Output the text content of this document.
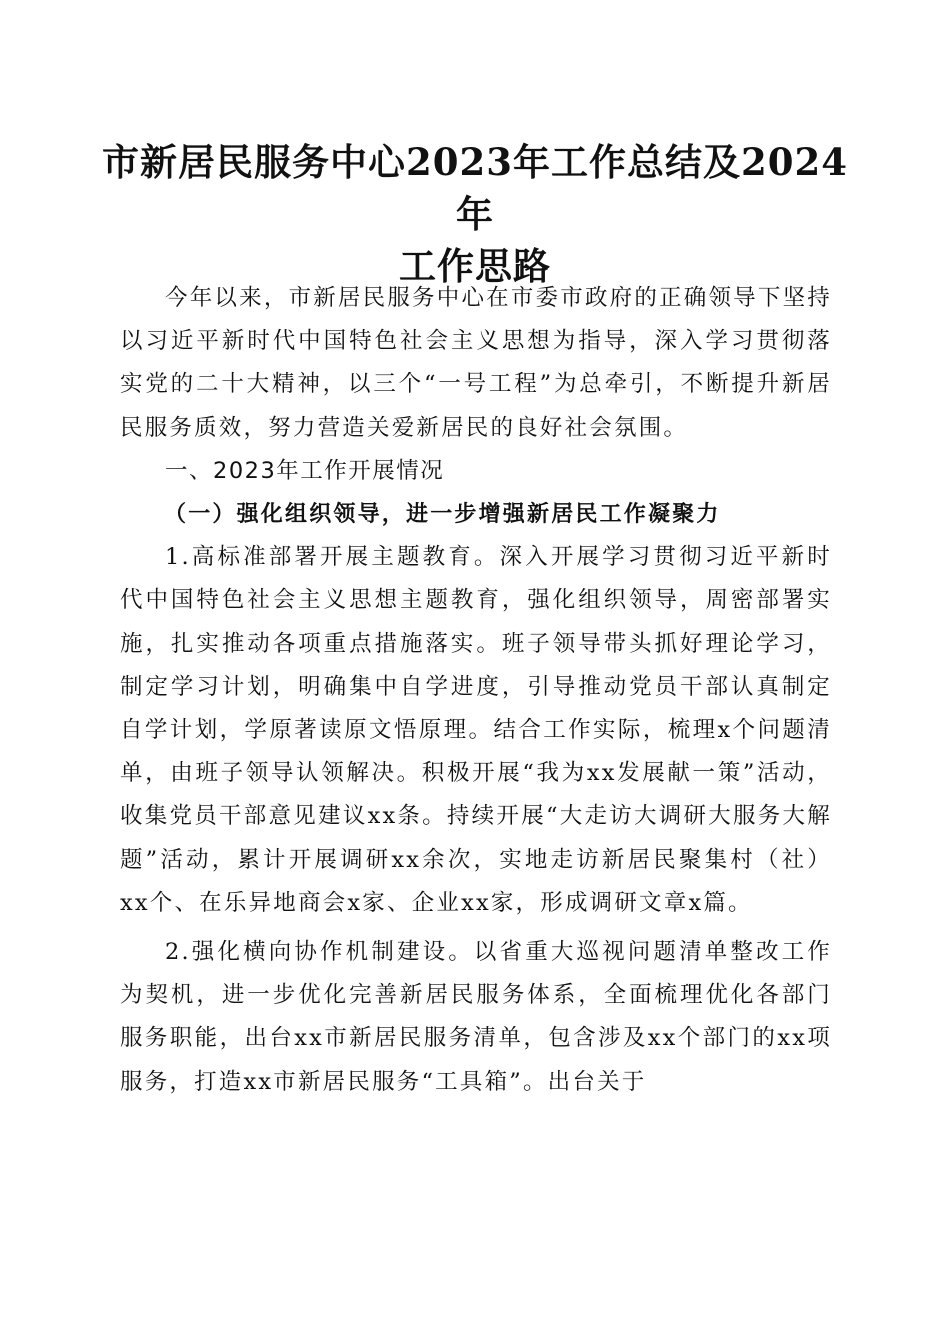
市新居民服务中心2023年工作总结及2024年
工作思路

今年以来，市新居民服务中心在市委市政府的正确领导下坚持以习近平新时代中国特色社会主义思想为指导，深入学习贯彻落实党的二十大精神，以三个“一号工程”为总牵引，不断提升新居民服务质效，努力营造关爱新居民的良好社会氛围。

一、2023年工作开展情况

（一）强化组织领导，进一步增强新居民工作凝聚力

1.高标准部署开展主题教育。深入开展学习贯彻习近平新时代中国特色社会主义思想主题教育，强化组织领导，周密部署实施，扎实推动各项重点措施落实。班子领导带头抓好理论学习，制定学习计划，明确集中自学进度，引导推动党员干部认真制定自学计划，学原著读原文悟原理。结合工作实际，梳理x个问题清单，由班子领导认领解决。积极开展“我为xx发展献一策”活动，收集党员干部意见建议xx条。持续开展“大走访大调研大服务大解题”活动，累计开展调研xx余次，实地走访新居民聚集村（社）xx个、在乐异地商会x家、企业xx家，形成调研文章x篇。

2.强化横向协作机制建设。以省重大巡视问题清单整改工作为契机，进一步优化完善新居民服务体系，全面梳理优化各部门服务职能，出台xx市新居民服务清单，包含涉及xx个部门的xx项服务，打造xx市新居民服务“工具箱”。出台关于
